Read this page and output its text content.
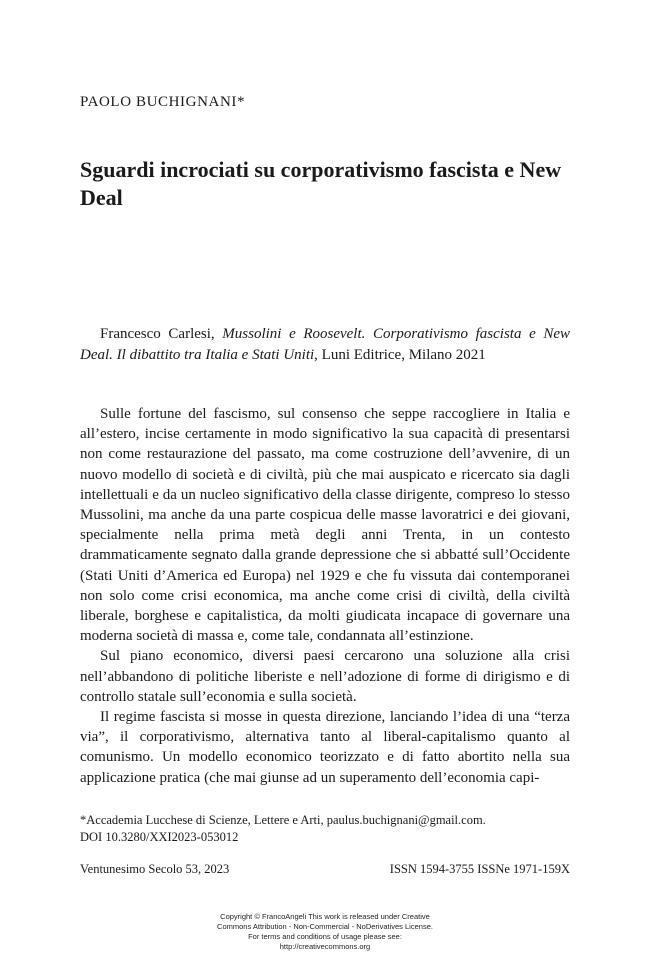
PAOLO BUCHIGNANI*
Sguardi incrociati su corporativismo fascista e New Deal
Francesco Carlesi, Mussolini e Roosevelt. Corporativismo fascista e New Deal. Il dibattito tra Italia e Stati Uniti, Luni Editrice, Milano 2021

Sulle fortune del fascismo, sul consenso che seppe raccogliere in Italia e all’estero, incise certamente in modo significativo la sua capacità di presentarsi non come restaurazione del passato, ma come costruzione dell’avvenire, di un nuovo modello di società e di civiltà, più che mai auspicato e ricercato sia dagli intellettuali e da un nucleo significativo della classe dirigente, compreso lo stesso Mussolini, ma anche da una parte cospicua delle masse lavoratrici e dei giovani, specialmente nella prima metà degli anni Trenta, in un contesto drammaticamente segnato dalla grande depressione che si abbatté sull’Occidente (Stati Uniti d’America ed Europa) nel 1929 e che fu vissuta dai contemporanei non solo come crisi economica, ma anche come crisi di civiltà, della civiltà liberale, borghese e capitalistica, da molti giudicata incapace di governare una moderna società di massa e, come tale, condannata all’estinzione.

Sul piano economico, diversi paesi cercarono una soluzione alla crisi nell’abbandono di politiche liberiste e nell’adozione di forme di dirigismo e di controllo statale sull’economia e sulla società.

Il regime fascista si mosse in questa direzione, lanciando l’idea di una “terza via”, il corporativismo, alternativa tanto al liberal-capitalismo quanto al comunismo. Un modello economico teorizzato e di fatto abortito nella sua applicazione pratica (che mai giunse ad un superamento dell’economia capi-

*Accademia Lucchese di Scienze, Lettere e Arti, paulus.buchignani@gmail.com.
DOI 10.3280/XXI2023-053012
Ventunesimo Secolo 53, 2023	ISSN 1594-3755 ISSNe 1971-159X
Copyright © FrancoAngeli This work is released under Creative
Commons Attribution - Non-Commercial - NoDerivatives License.
For terms and conditions of usage please see:
http://creativecommons.org
